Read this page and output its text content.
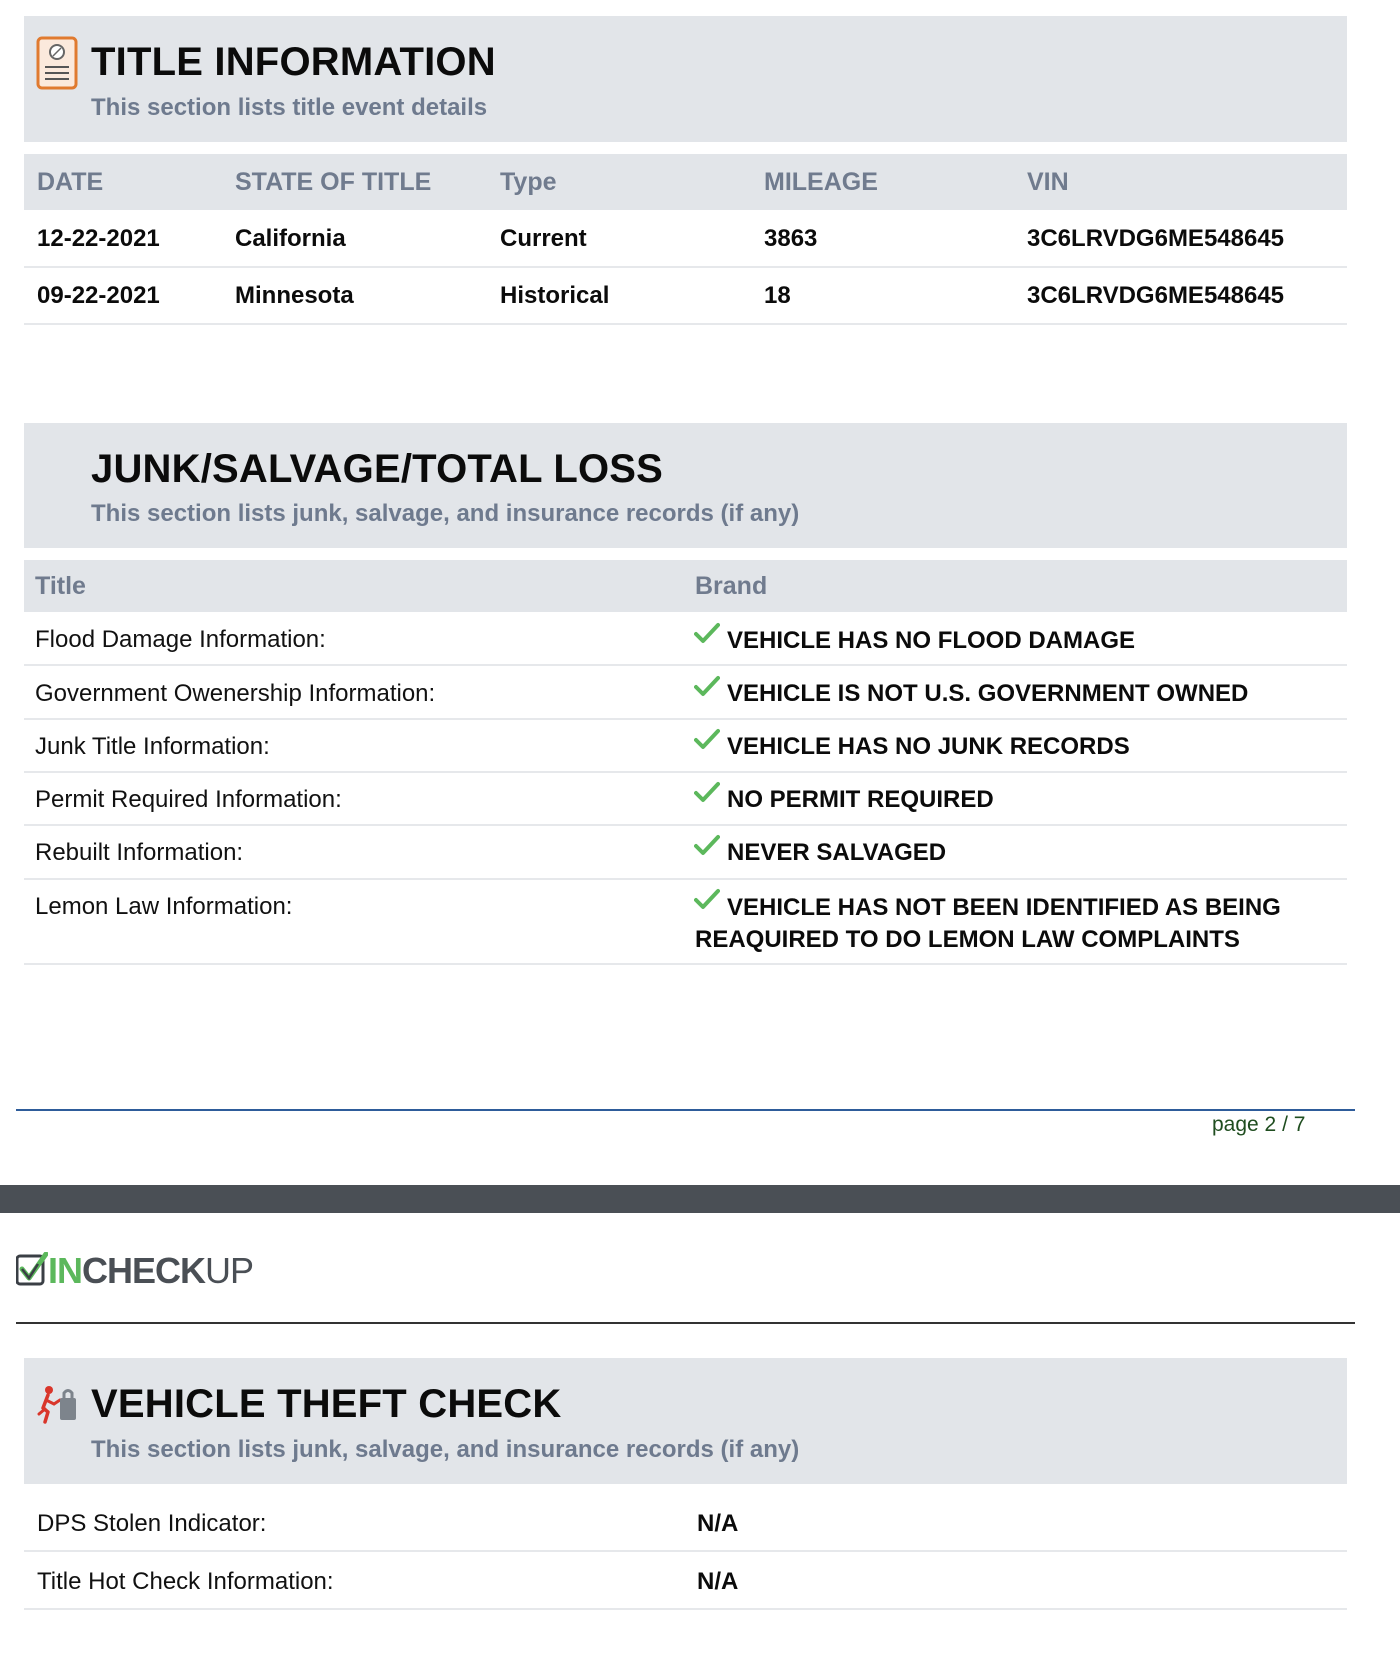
TITLE INFORMATION
This section lists title event details
DATE	STATE OF TITLE	Type	MILEAGE	VIN
12-22-2021	California	Current	3863	3C6LRVDG6ME548645
09-22-2021	Minnesota	Historical	18	3C6LRVDG6ME548645
JUNK/SALVAGE/TOTAL LOSS
This section lists junk, salvage, and insurance records (if any)
Title	Brand
Flood Damage Information:	VEHICLE HAS NO FLOOD DAMAGE
Government Owenership Information:	VEHICLE IS NOT U.S. GOVERNMENT OWNED
Junk Title Information:	VEHICLE HAS NO JUNK RECORDS
Permit Required Information:	NO PERMIT REQUIRED
Rebuilt Information:	NEVER SALVAGED
Lemon Law Information:	VEHICLE HAS NOT BEEN IDENTIFIED AS BEING
REAQUIRED TO DO LEMON LAW COMPLAINTS
page 2 / 7
INCHECKUP
VEHICLE THEFT CHECK
This section lists junk, salvage, and insurance records (if any)
DPS Stolen Indicator:	N/A
Title Hot Check Information:	N/A
